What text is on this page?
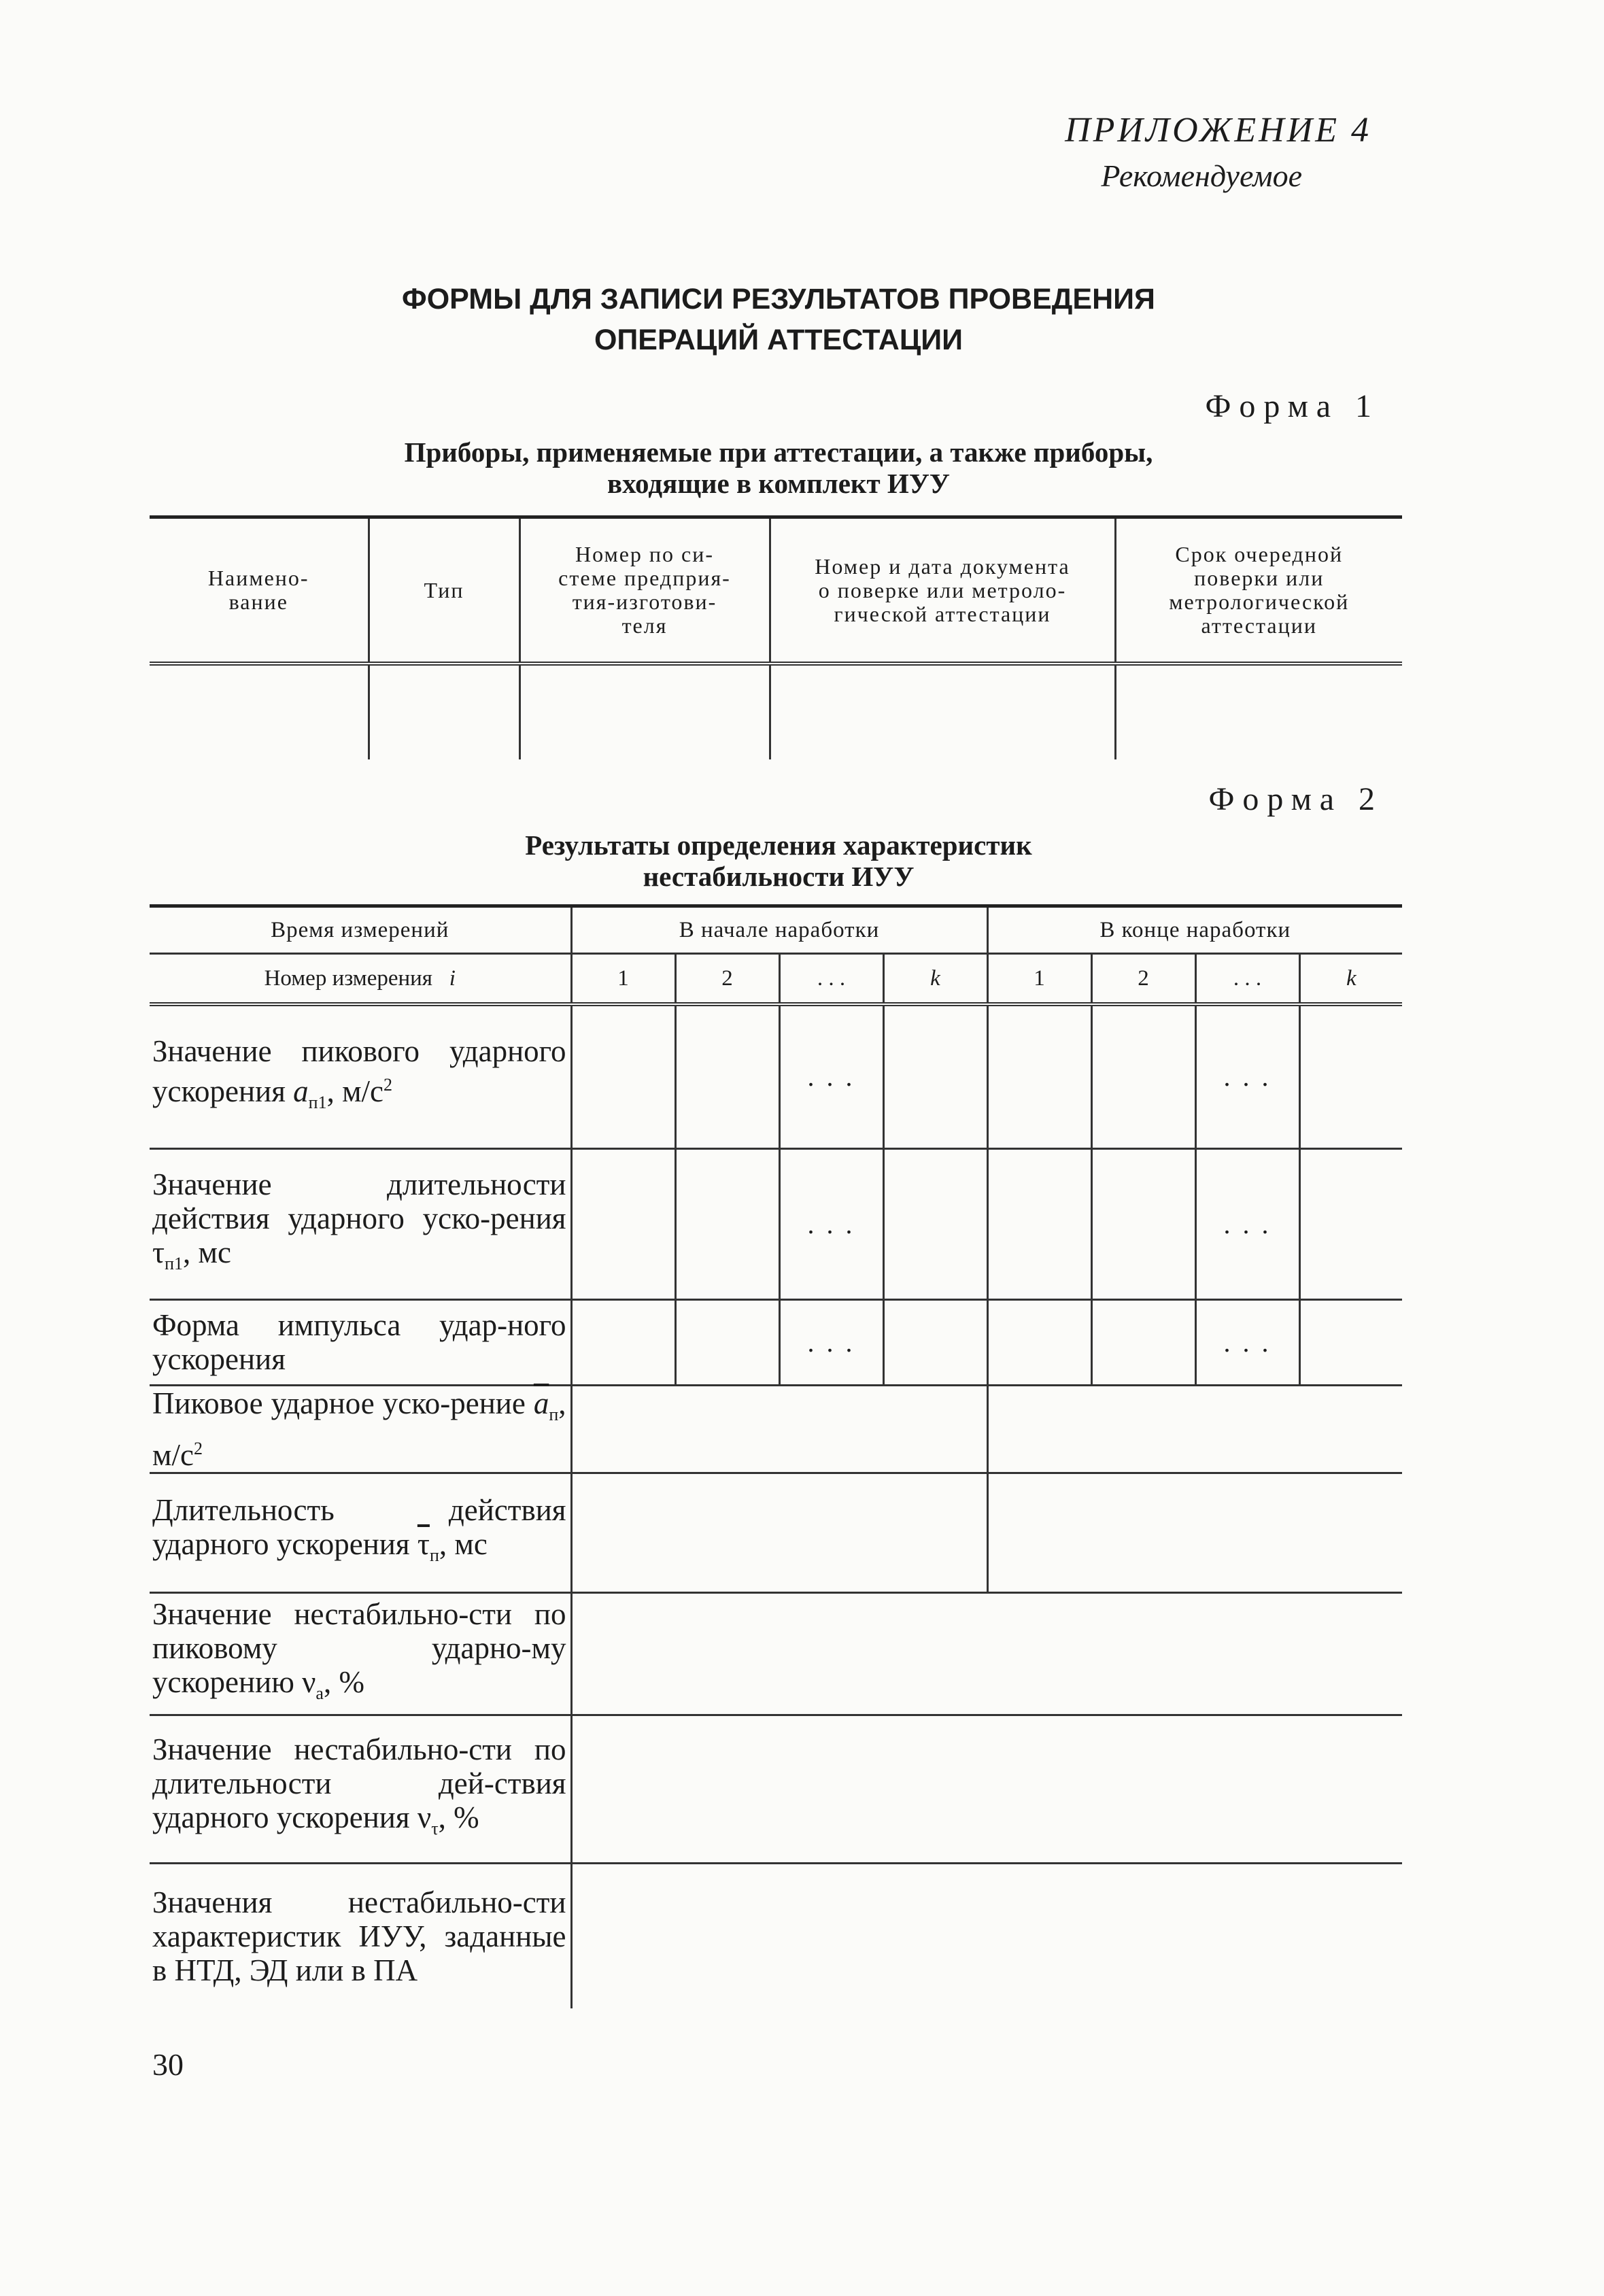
ПРИЛОЖЕНИЕ 4
Рекомендуемое
ФОРМЫ ДЛЯ ЗАПИСИ РЕЗУЛЬТАТОВ ПРОВЕДЕНИЯ
ОПЕРАЦИЙ АТТЕСТАЦИИ
Форма 1
Приборы, применяемые при аттестации, а также приборы,
входящие в комплект ИУУ
Наимено-
вание	Тип	Номер по си-
стеме предприя-
тия-изготови-
теля	Номер и дата документа
о поверке или метроло-
гической аттестации	Срок очередной
поверки или
метрологической
аттестации

Форма 2
Результаты определения характеристик
нестабильности ИУУ
Время измерений	В начале наработки				В конце наработки			
Номер измерения i	1	2	. . .	k	1	2	. . .	k
Значение пикового ударного ускорения $a_{п1}$, $м/с^2$			. . .				. . .	
Значение длительности действия ударного уско-рения $\tau_{п1}$, мс			. . .				. . .	
Форма импульса удар-ного ускорения			. . .				. . .	
Пиковое ударное уско-рение $\overline{a}_п$, $м/с^2$		
Длительность действия ударного ускорения $\overline{\tau}_п$, мс								
Значение нестабильно-сти по пиковому ударно-му ускорению $\nu_a$, %								
Значение нестабильно-сти по длительности дей-ствия ударного ускорения $\nu_\tau$, %								
Значения нестабильно-сти характеристик ИУУ, заданные в НТД, ЭД или в ПА								
30
